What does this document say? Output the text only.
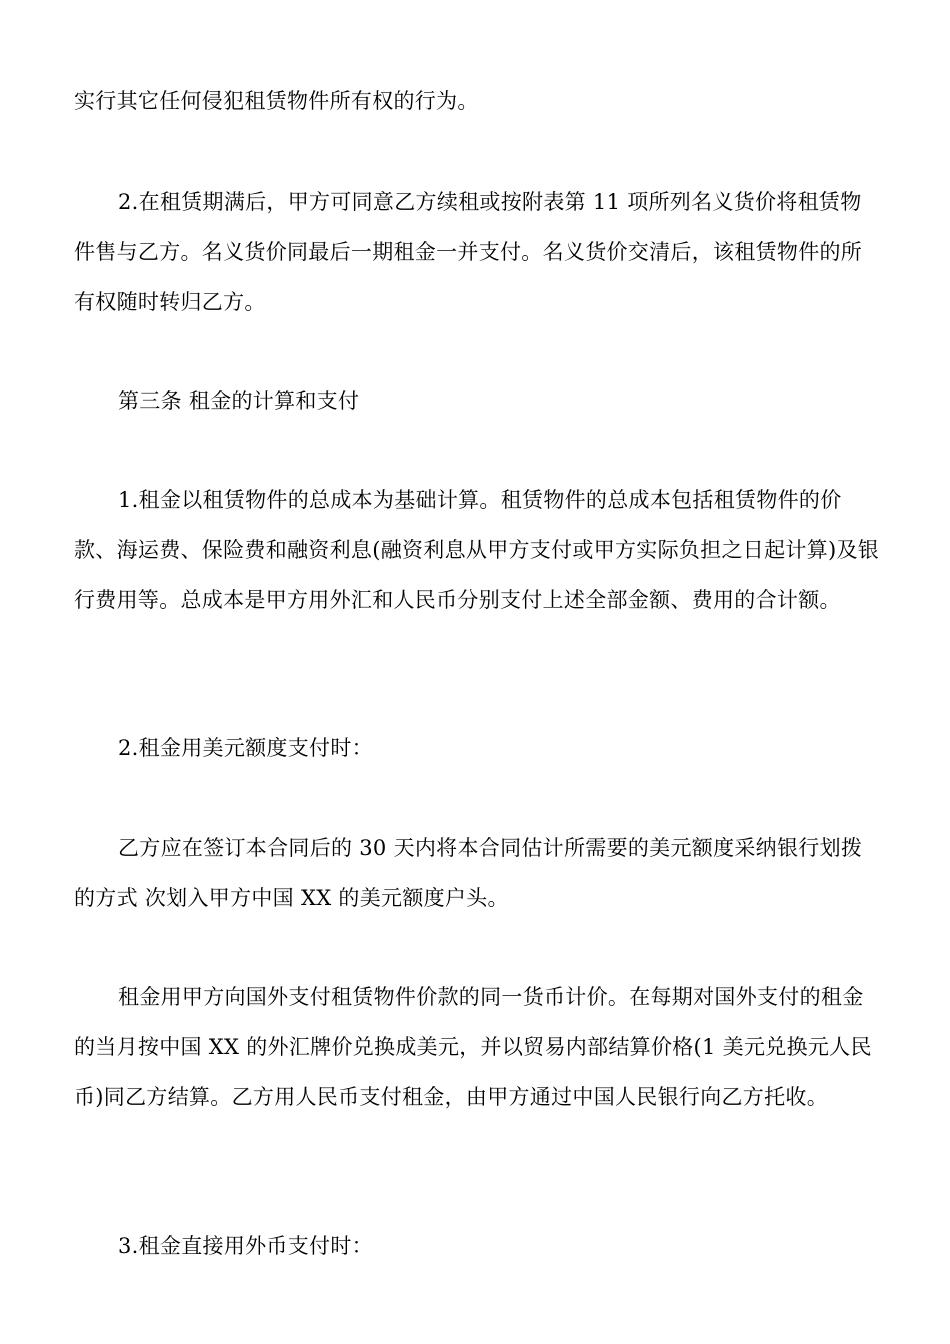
实行其它任何侵犯租赁物件所有权的行为。

2.在租赁期满后，甲方可同意乙方续租或按附表第 11 项所列名义货价将租赁物件售与乙方。名义货价同最后一期租金一并支付。名义货价交清后，该租赁物件的所有权随时转归乙方。

第三条 租金的计算和支付

1.租金以租赁物件的总成本为基础计算。租赁物件的总成本包括租赁物件的价款、海运费、保险费和融资利息(融资利息从甲方支付或甲方实际负担之日起计算)及银行费用等。总成本是甲方用外汇和人民币分别支付上述全部金额、费用的合计额。

2.租金用美元额度支付时：

乙方应在签订本合同后的 30 天内将本合同估计所需要的美元额度采纳银行划拨的方式 次划入甲方中国 XX 的美元额度户头。

租金用甲方向国外支付租赁物件价款的同一货币计价。在每期对国外支付的租金的当月按中国 XX 的外汇牌价兑换成美元，并以贸易内部结算价格(1 美元兑换元人民币)同乙方结算。乙方用人民币支付租金，由甲方通过中国人民银行向乙方托收。

3.租金直接用外币支付时：
